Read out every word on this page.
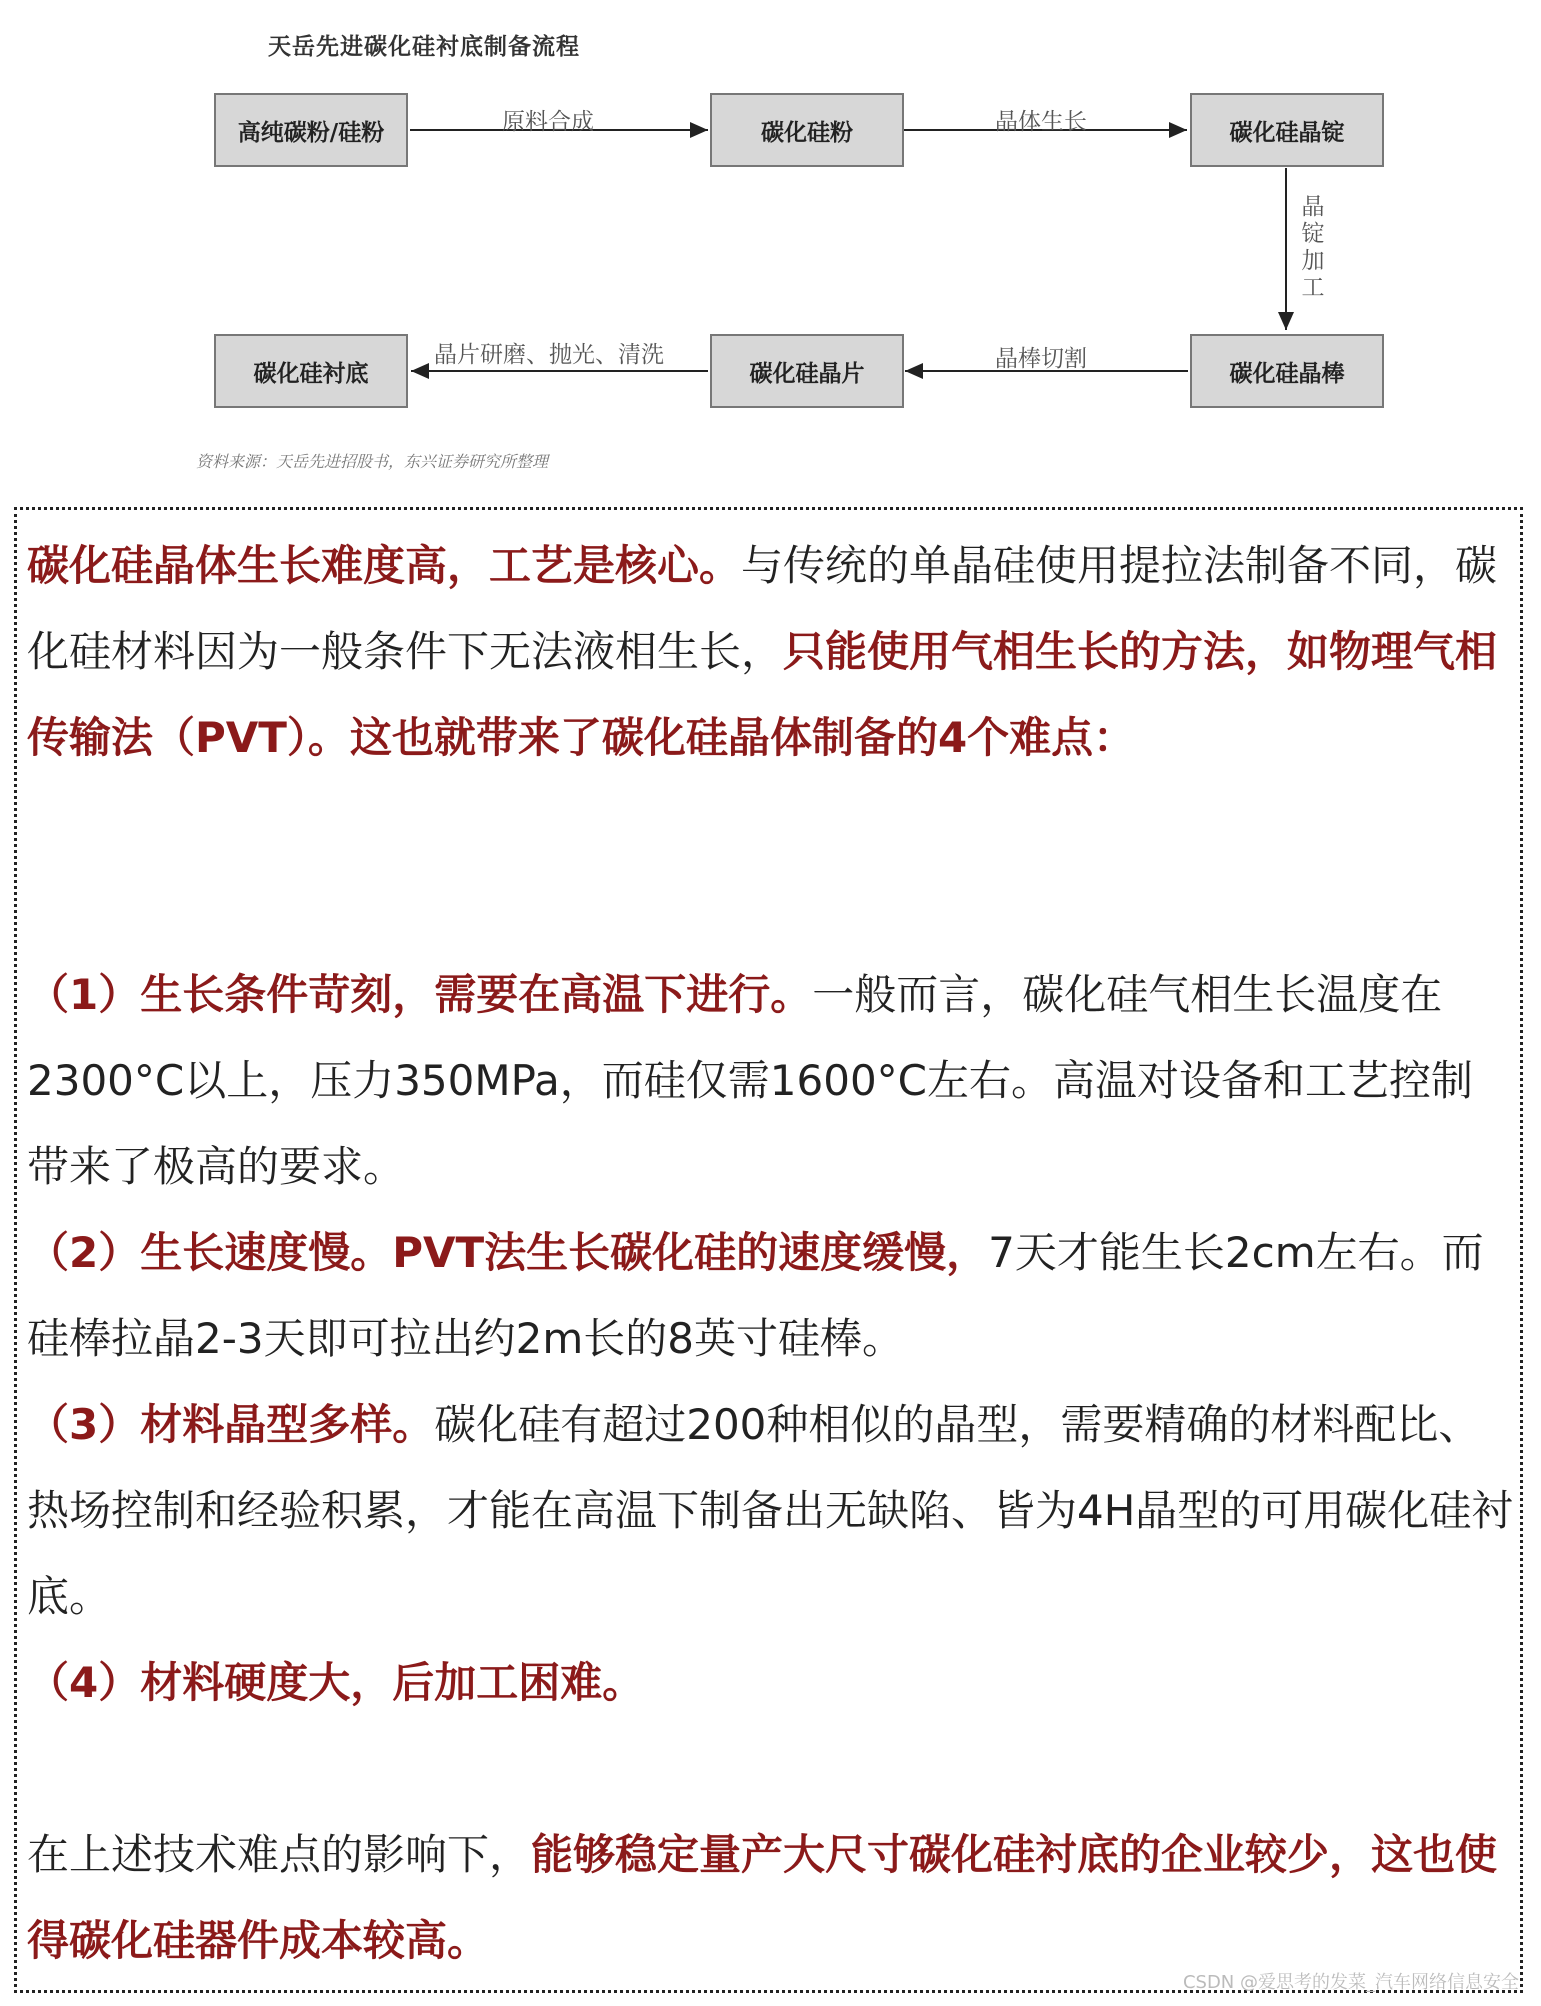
天岳先进碳化硅衬底制备流程
高纯碳粉/硅粉	碳化硅粉	碳化硅晶锭
碳化硅晶棒
碳化硅晶片
碳化硅衬底
原料合成	晶体生长
晶
锭
加
工
晶棒切割
晶片研磨、抛光、清洗
资料来源：天岳先进招股书，东兴证券研究所整理

碳化硅晶体生长难度高，工艺是核心。与传统的单晶硅使用提拉法制备不同，碳化硅材料因为一般条件下无法液相生长，只能使用气相生长的方法，如物理气相传输法（PVT）。这也就带来了碳化硅晶体制备的4个难点：

（1）生长条件苛刻，需要在高温下进行。一般而言，碳化硅气相生长温度在2300°C以上，压力350MPa，而硅仅需1600°C左右。高温对设备和工艺控制带来了极高的要求。

（2）生长速度慢。PVT法生长碳化硅的速度缓慢，7天才能生长2cm左右。而硅棒拉晶2-3天即可拉出约2m长的8英寸硅棒。

（3）材料晶型多样。碳化硅有超过200种相似的晶型，需要精确的材料配比、热场控制和经验积累，才能在高温下制备出无缺陷、皆为4H晶型的可用碳化硅衬底。

（4）材料硬度大，后加工困难。

在上述技术难点的影响下，能够稳定量产大尺寸碳化硅衬底的企业较少，这也使得碳化硅器件成本较高。

CSDN @爱思考的发菜_汽车网络信息安全
